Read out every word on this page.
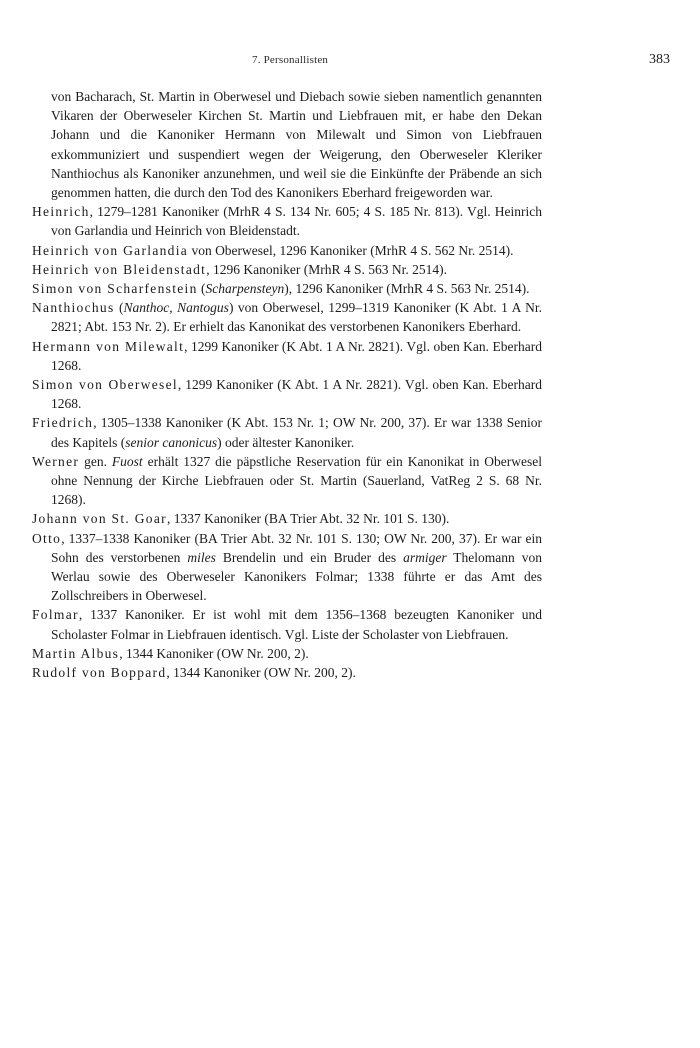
7. Personallisten	383

von Bacharach, St. Martin in Oberwesel und Diebach sowie sieben namentlich genannten Vikaren der Oberweseler Kirchen St. Martin und Liebfrauen mit, er habe den Dekan Johann und die Kanoniker Hermann von Milewalt und Simon von Liebfrauen exkommuniziert und suspendiert wegen der Weigerung, den Oberweseler Kleriker Nanthiochus als Kanoniker anzunehmen, und weil sie die Einkünfte der Präbende an sich genommen hatten, die durch den Tod des Kanonikers Eberhard freigeworden war.

Heinrich, 1279–1281 Kanoniker (MrhR 4 S. 134 Nr. 605; 4 S. 185 Nr. 813). Vgl. Heinrich von Garlandia und Heinrich von Bleidenstadt.

Heinrich von Garlandia von Oberwesel, 1296 Kanoniker (MrhR 4 S. 562 Nr. 2514).

Heinrich von Bleidenstadt, 1296 Kanoniker (MrhR 4 S. 563 Nr. 2514).

Simon von Scharfenstein (Scharpensteyn), 1296 Kanoniker (MrhR 4 S. 563 Nr. 2514).

Nanthiochus (Nanthoc, Nantogus) von Oberwesel, 1299–1319 Kanoniker (K Abt. 1 A Nr. 2821; Abt. 153 Nr. 2). Er erhielt das Kanonikat des verstorbenen Kanonikers Eberhard.

Hermann von Milewalt, 1299 Kanoniker (K Abt. 1 A Nr. 2821). Vgl. oben Kan. Eberhard 1268.

Simon von Oberwesel, 1299 Kanoniker (K Abt. 1 A Nr. 2821). Vgl. oben Kan. Eberhard 1268.

Friedrich, 1305–1338 Kanoniker (K Abt. 153 Nr. 1; OW Nr. 200, 37). Er war 1338 Senior des Kapitels (senior canonicus) oder ältester Kanoniker.

Werner gen. Fuost erhält 1327 die päpstliche Reservation für ein Kanonikat in Oberwesel ohne Nennung der Kirche Liebfrauen oder St. Martin (Sauerland, VatReg 2 S. 68 Nr. 1268).

Johann von St. Goar, 1337 Kanoniker (BA Trier Abt. 32 Nr. 101 S. 130).

Otto, 1337–1338 Kanoniker (BA Trier Abt. 32 Nr. 101 S. 130; OW Nr. 200, 37). Er war ein Sohn des verstorbenen miles Brendelin und ein Bruder des armiger Thelomann von Werlau sowie des Oberweseler Kanonikers Folmar; 1338 führte er das Amt des Zollschreibers in Oberwesel.

Folmar, 1337 Kanoniker. Er ist wohl mit dem 1356–1368 bezeugten Kanoniker und Scholaster Folmar in Liebfrauen identisch. Vgl. Liste der Scholaster von Liebfrauen.

Martin Albus, 1344 Kanoniker (OW Nr. 200, 2).

Rudolf von Boppard, 1344 Kanoniker (OW Nr. 200, 2).
